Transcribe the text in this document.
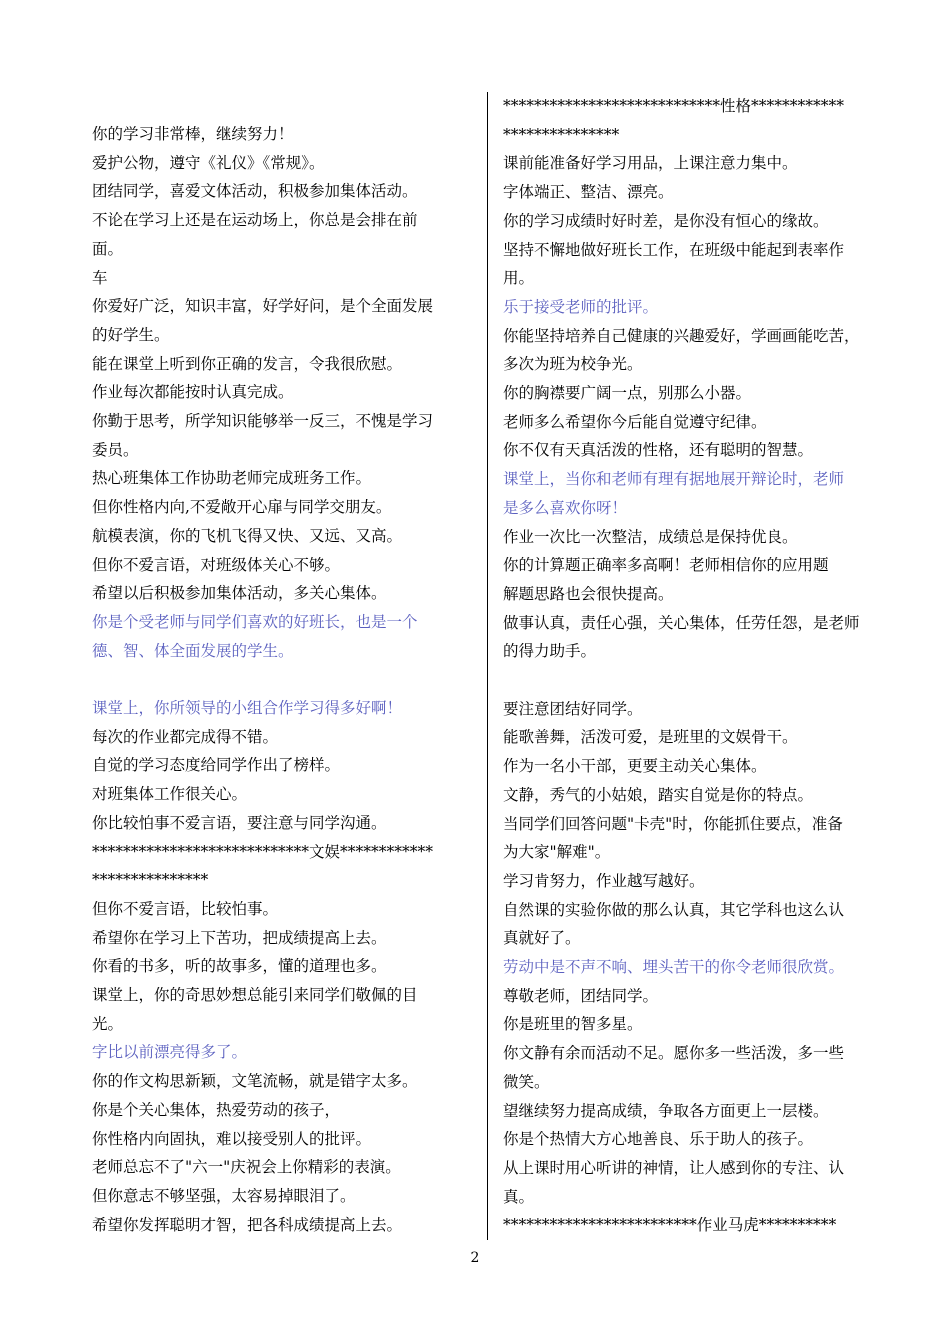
你的学习非常棒，继续努力！
爱护公物，遵守《礼仪》《常规》。
团结同学，喜爱文体活动，积极参加集体活动。
不论在学习上还是在运动场上，你总是会排在前
面。
车
你爱好广泛，知识丰富，好学好问，是个全面发展
的好学生。
能在课堂上听到你正确的发言，令我很欣慰。
作业每次都能按时认真完成。
你勤于思考，所学知识能够举一反三，不愧是学习
委员。
热心班集体工作协助老师完成班务工作。
但你性格内向,不爱敞开心扉与同学交朋友。
航模表演，你的飞机飞得又快、又远、又高。
但你不爱言语，对班级体关心不够。
希望以后积极参加集体活动，多关心集体。
你是个受老师与同学们喜欢的好班长，也是一个
德、智、体全面发展的学生。
课堂上，你所领导的小组合作学习得多好啊！
每次的作业都完成得不错。
自觉的学习态度给同学作出了榜样。
对班集体工作很关心。
你比较怕事不爱言语，要注意与同学沟通。
****************************文娱************
***************
但你不爱言语，比较怕事。
希望你在学习上下苦功，把成绩提高上去。
你看的书多，听的故事多，懂的道理也多。
课堂上，你的奇思妙想总能引来同学们敬佩的目
光。
字比以前漂亮得多了。
你的作文构思新颖，文笔流畅，就是错字太多。
你是个关心集体，热爱劳动的孩子，
你性格内向固执，难以接受别人的批评。
老师总忘不了"六一"庆祝会上你精彩的表演。
但你意志不够坚强，太容易掉眼泪了。
希望你发挥聪明才智，把各科成绩提高上去。
****************************性格************
***************
课前能准备好学习用品，上课注意力集中。
字体端正、整洁、漂亮。
你的学习成绩时好时差，是你没有恒心的缘故。
坚持不懈地做好班长工作，在班级中能起到表率作
用。
乐于接受老师的批评。
你能坚持培养自己健康的兴趣爱好，学画画能吃苦，
多次为班为校争光。
你的胸襟要广阔一点，别那么小器。
老师多么希望你今后能自觉遵守纪律。
你不仅有天真活泼的性格，还有聪明的智慧。
课堂上，当你和老师有理有据地展开辩论时，老师
是多么喜欢你呀！
作业一次比一次整洁，成绩总是保持优良。
你的计算题正确率多高啊！老师相信你的应用题
解题思路也会很快提高。
做事认真，责任心强，关心集体，任劳任怨，是老师
的得力助手。
要注意团结好同学。
能歌善舞，活泼可爱，是班里的文娱骨干。
作为一名小干部，更要主动关心集体。
文静，秀气的小姑娘，踏实自觉是你的特点。
当同学们回答问题"卡壳"时，你能抓住要点，准备
为大家"解难"。
学习肯努力，作业越写越好。
自然课的实验你做的那么认真，其它学科也这么认
真就好了。
劳动中是不声不响、埋头苦干的你令老师很欣赏。
尊敬老师，团结同学。
你是班里的智多星。
你文静有余而活动不足。愿你多一些活泼，多一些
微笑。
望继续努力提高成绩，争取各方面更上一层楼。
你是个热情大方心地善良、乐于助人的孩子。
从上课时用心听讲的神情，让人感到你的专注、认
真。
*************************作业马虎**********
2
